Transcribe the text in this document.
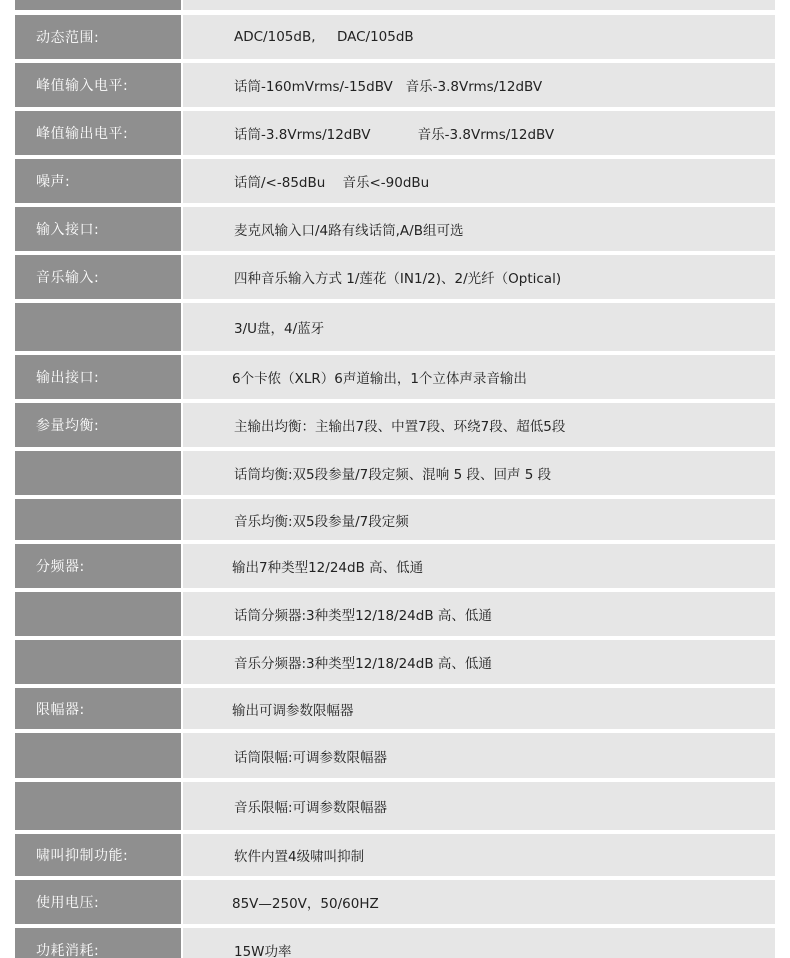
动态范围:	ADC/105dB,     DAC/105dB
峰值输入电平:	话筒-160mVrms/-15dBV   音乐-3.8Vrms/12dBV
峰值输出电平:	话筒-3.8Vrms/12dBV           音乐-3.8Vrms/12dBV
噪声:	话筒/<-85dBu    音乐<-90dBu
输入接口:	麦克风输入口/4路有线话筒,A/B组可选
音乐输入:	四种音乐输入方式 1/莲花（IN1/2)、2/光纤（Optical)
3/U盘，4/蓝牙
输出接口:	6个卡侬（XLR）6声道输出，1个立体声录音输出
参量均衡:	主输出均衡：主输出7段、中置7段、环绕7段、超低5段
话筒均衡:双5段参量/7段定频、混响 5 段、回声 5 段
音乐均衡:双5段参量/7段定频
分频器:	输出7种类型12/24dB 高、低通
话筒分频器:3种类型12/18/24dB 高、低通
音乐分频器:3种类型12/18/24dB 高、低通
限幅器:	输出可调参数限幅器
话筒限幅:可调参数限幅器
音乐限幅:可调参数限幅器
啸叫抑制功能:	软件内置4级啸叫抑制
使用电压:	85V—250V，50/60HZ
功耗消耗:	15W功率
